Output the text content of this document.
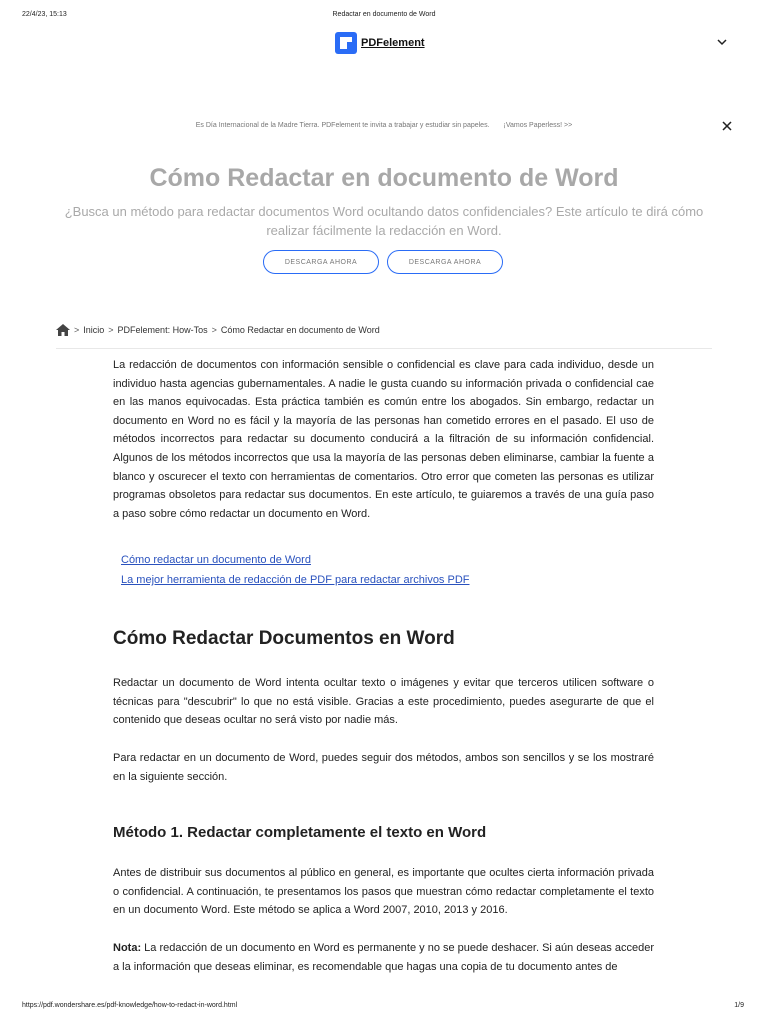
22/4/23, 15:13	Redactar en documento de Word
PDFelement
Es Día Internacional de la Madre Tierra. PDFelement te invita a trabajar y estudiar sin papeles. ¡Vamos Paperless! >>
Cómo Redactar en documento de Word
¿Busca un método para redactar documentos Word ocultando datos confidenciales? Este artículo te dirá cómo realizar fácilmente la redacción en Word.
DESCARGA AHORA	DESCARGA AHORA
> Inicio > PDFelement: How-Tos > Cómo Redactar en documento de Word

La redacción de documentos con información sensible o confidencial es clave para cada individuo, desde un individuo hasta agencias gubernamentales. A nadie le gusta cuando su información privada o confidencial cae en las manos equivocadas. Esta práctica también es común entre los abogados. Sin embargo, redactar un documento en Word no es fácil y la mayoría de las personas han cometido errores en el pasado. El uso de métodos incorrectos para redactar su documento conducirá a la filtración de su información confidencial. Algunos de los métodos incorrectos que usa la mayoría de las personas deben eliminarse, cambiar la fuente a blanco y oscurecer el texto con herramientas de comentarios. Otro error que cometen las personas es utilizar programas obsoletos para redactar sus documentos. En este artículo, te guiaremos a través de una guía paso a paso sobre cómo redactar un documento en Word.

Cómo redactar un documento de Word
La mejor herramienta de redacción de PDF para redactar archivos PDF
Cómo Redactar Documentos en Word

Redactar un documento de Word intenta ocultar texto o imágenes y evitar que terceros utilicen software o técnicas para "descubrir" lo que no está visible. Gracias a este procedimiento, puedes asegurarte de que el contenido que deseas ocultar no será visto por nadie más.

Para redactar en un documento de Word, puedes seguir dos métodos, ambos son sencillos y se los mostraré en la siguiente sección.

Método 1. Redactar completamente el texto en Word

Antes de distribuir sus documentos al público en general, es importante que ocultes cierta información privada o confidencial. A continuación, te presentamos los pasos que muestran cómo redactar completamente el texto en un documento Word. Este método se aplica a Word 2007, 2010, 2013 y 2016.

Nota: La redacción de un documento en Word es permanente y no se puede deshacer. Si aún deseas acceder a la información que deseas eliminar, es recomendable que hagas una copia de tu documento antes de

https://pdf.wondershare.es/pdf-knowledge/how-to-redact-in-word.html	1/9
